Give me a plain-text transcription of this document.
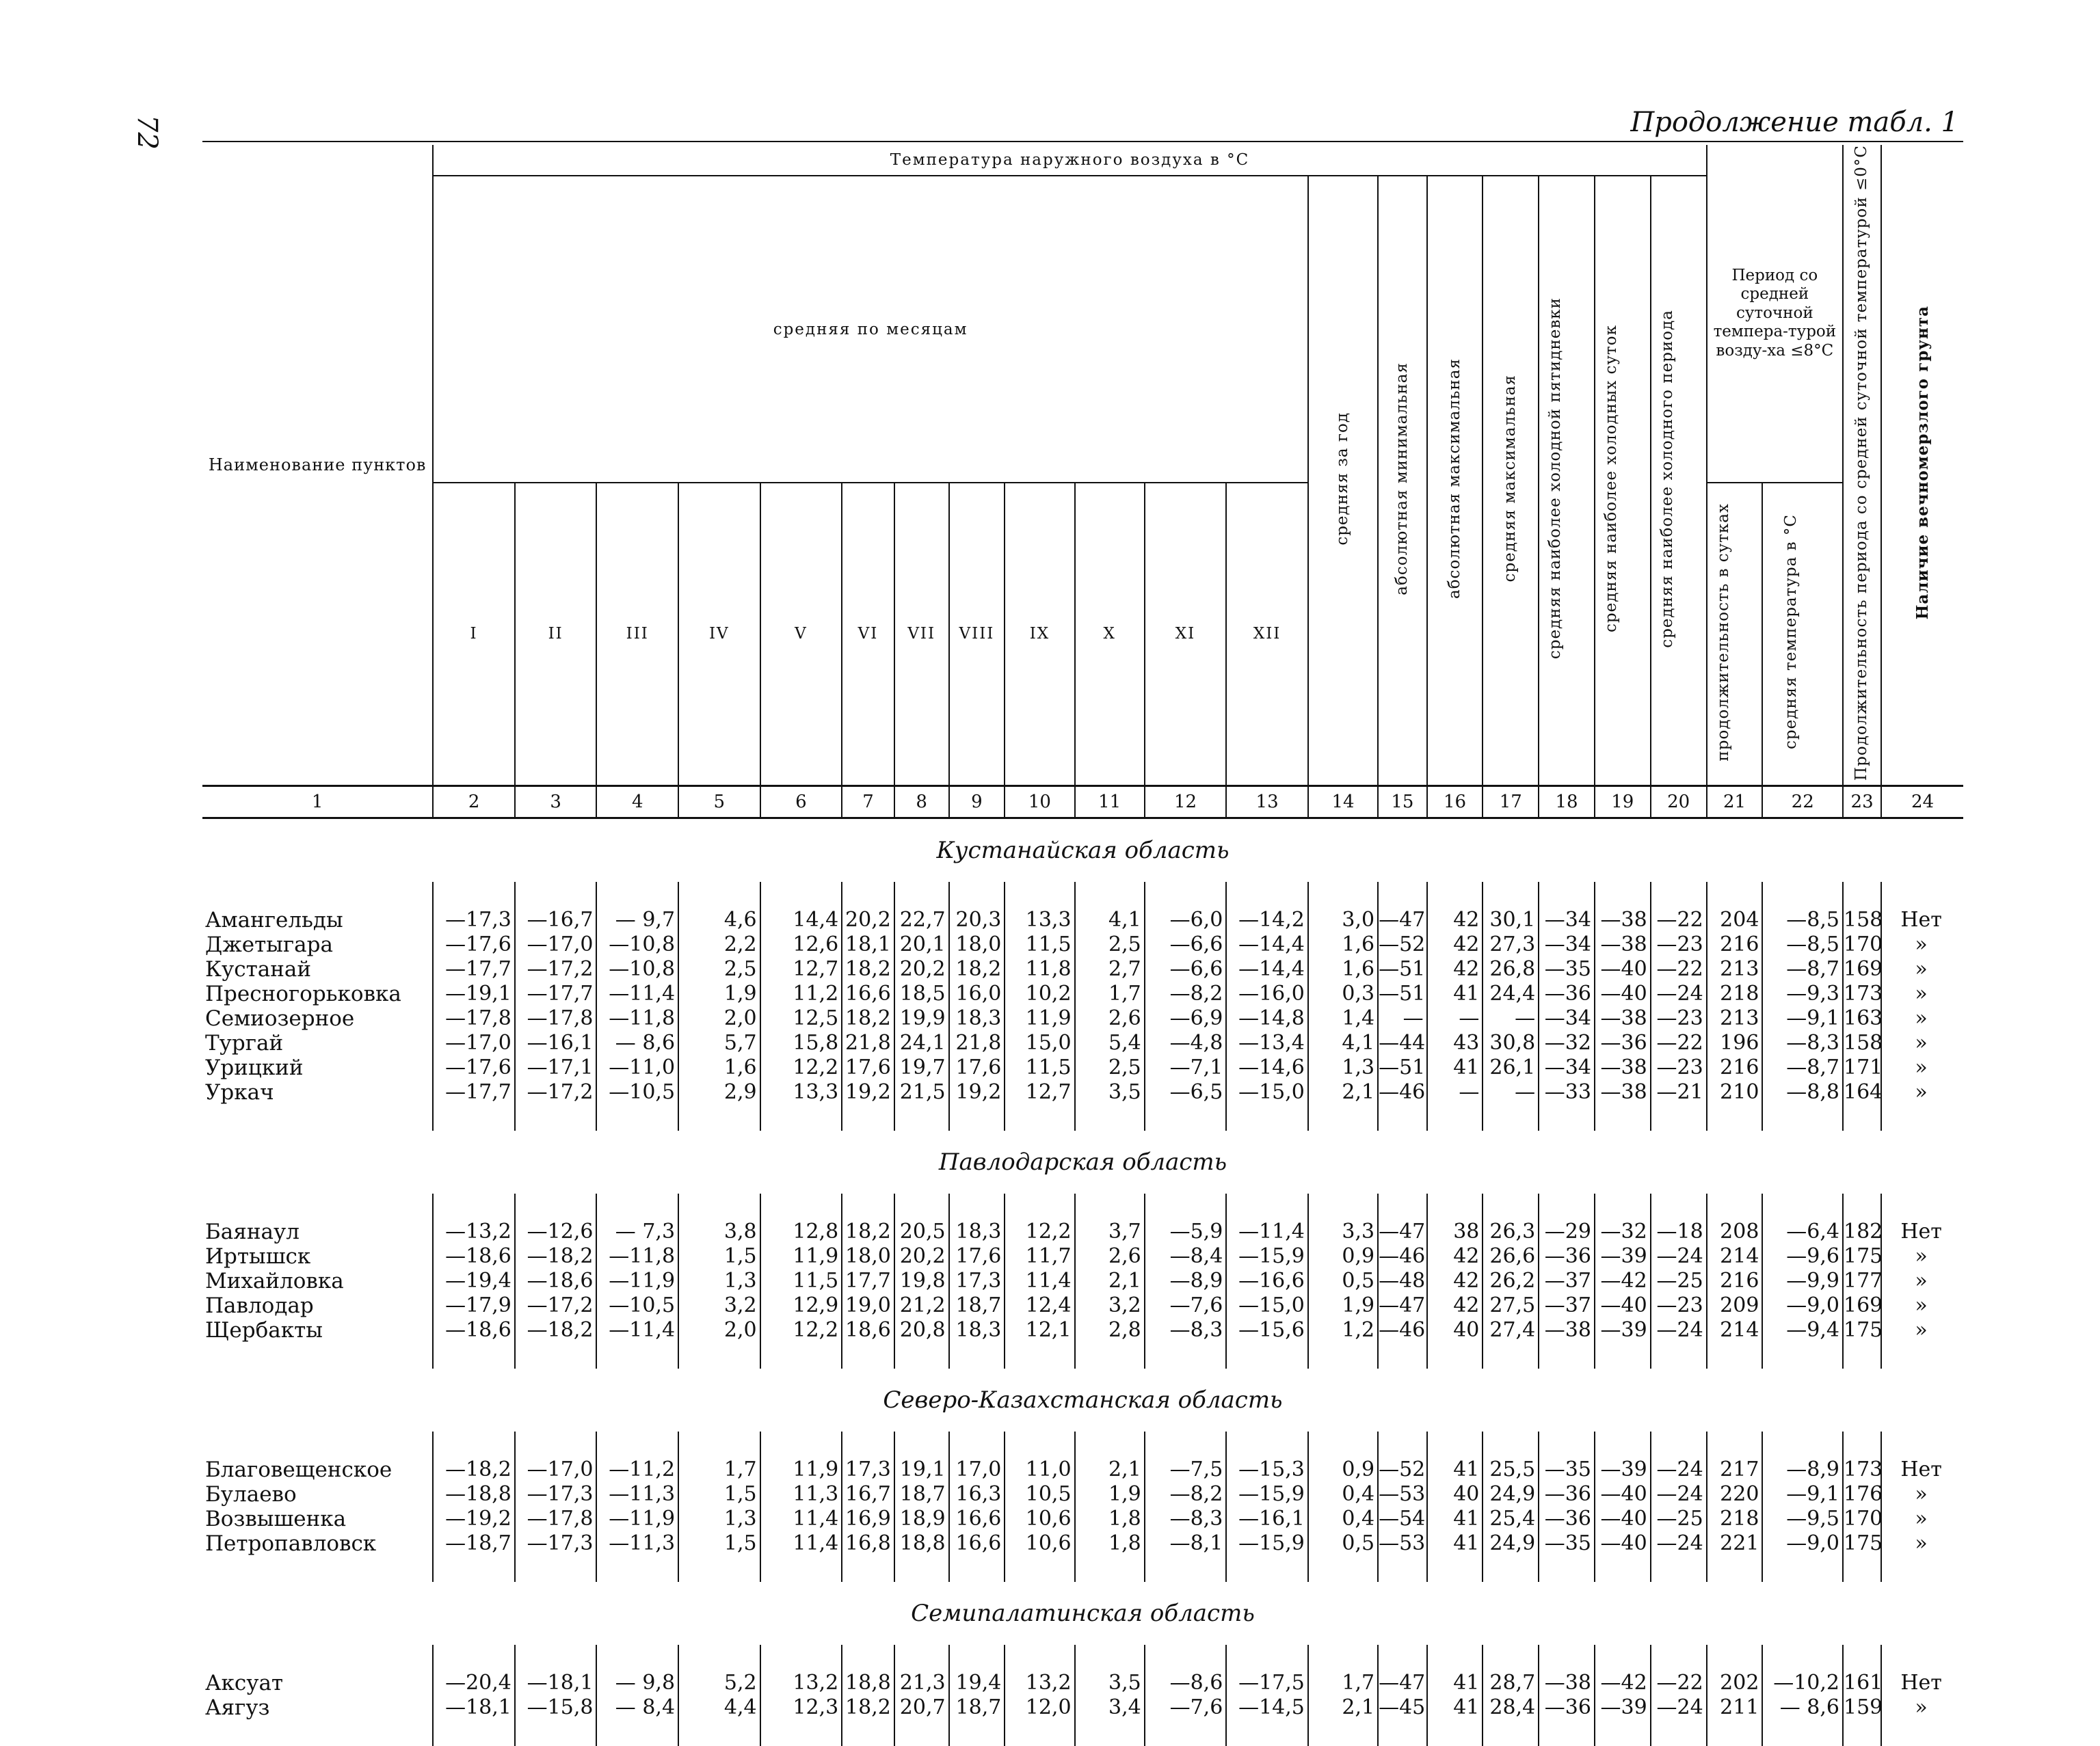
72	Продолжение табл. 1
Наименование пунктов	Температура наружного воздуха в °С																			Период со средней суточной темпера-турой возду-ха ≤8°С		Продолжительность периода со средней суточной температурой ≤0°С	Наличие вечномерзлого грунта
	средняя по месяцам												средняя за год	абсолютная минимальная	абсолютная максимальная	средняя максимальная	средняя наиболее холодной пятидневки	средняя наиболее холодных суток	средняя наиболее холодного периода				
	I	II	III	IV	V	VI	VII	VIII	IX	X	XI	XII								продолжительность в сутках	средняя температура в °С		
1	2	3	4	5	6	7	8	9	10	11	12	13	14	15	16	17	18	19	20	21	22	23	24
Кустанайская область																							

Амангельды	—17,3	—16,7	— 9,7	4,6	14,4	20,2	22,7	20,3	13,3	4,1	—6,0	—14,2	3,0	—47	42	30,1	—34	—38	—22	204	—8,5	158	Нет
Джетыгара	—17,6	—17,0	—10,8	2,2	12,6	18,1	20,1	18,0	11,5	2,5	—6,6	—14,4	1,6	—52	42	27,3	—34	—38	—23	216	—8,5	170	»
Кустанай	—17,7	—17,2	—10,8	2,5	12,7	18,2	20,2	18,2	11,8	2,7	—6,6	—14,4	1,6	—51	42	26,8	—35	—40	—22	213	—8,7	169	»
Пресногорьковка	—19,1	—17,7	—11,4	1,9	11,2	16,6	18,5	16,0	10,2	1,7	—8,2	—16,0	0,3	—51	41	24,4	—36	—40	—24	218	—9,3	173	»
Семиозерное	—17,8	—17,8	—11,8	2,0	12,5	18,2	19,9	18,3	11,9	2,6	—6,9	—14,8	1,4	—	—	—	—34	—38	—23	213	—9,1	163	»
Тургай	—17,0	—16,1	— 8,6	5,7	15,8	21,8	24,1	21,8	15,0	5,4	—4,8	—13,4	4,1	—44	43	30,8	—32	—36	—22	196	—8,3	158	»
Урицкий	—17,6	—17,1	—11,0	1,6	12,2	17,6	19,7	17,6	11,5	2,5	—7,1	—14,6	1,3	—51	41	26,1	—34	—38	—23	216	—8,7	171	»
Уркач	—17,7	—17,2	—10,5	2,9	13,3	19,2	21,5	19,2	12,7	3,5	—6,5	—15,0	2,1	—46	—	—	—33	—38	—21	210	—8,8	164	»

Павлодарская область																							

Баянаул	—13,2	—12,6	— 7,3	3,8	12,8	18,2	20,5	18,3	12,2	3,7	—5,9	—11,4	3,3	—47	38	26,3	—29	—32	—18	208	—6,4	182	Нет
Иртышск	—18,6	—18,2	—11,8	1,5	11,9	18,0	20,2	17,6	11,7	2,6	—8,4	—15,9	0,9	—46	42	26,6	—36	—39	—24	214	—9,6	175	»
Михайловка	—19,4	—18,6	—11,9	1,3	11,5	17,7	19,8	17,3	11,4	2,1	—8,9	—16,6	0,5	—48	42	26,2	—37	—42	—25	216	—9,9	177	»
Павлодар	—17,9	—17,2	—10,5	3,2	12,9	19,0	21,2	18,7	12,4	3,2	—7,6	—15,0	1,9	—47	42	27,5	—37	—40	—23	209	—9,0	169	»
Щербакты	—18,6	—18,2	—11,4	2,0	12,2	18,6	20,8	18,3	12,1	2,8	—8,3	—15,6	1,2	—46	40	27,4	—38	—39	—24	214	—9,4	175	»

Северо-Казахстанская область																							

Благовещенское	—18,2	—17,0	—11,2	1,7	11,9	17,3	19,1	17,0	11,0	2,1	—7,5	—15,3	0,9	—52	41	25,5	—35	—39	—24	217	—8,9	173	Нет
Булаево	—18,8	—17,3	—11,3	1,5	11,3	16,7	18,7	16,3	10,5	1,9	—8,2	—15,9	0,4	—53	40	24,9	—36	—40	—24	220	—9,1	176	»
Возвышенка	—19,2	—17,8	—11,9	1,3	11,4	16,9	18,9	16,6	10,6	1,8	—8,3	—16,1	0,4	—54	41	25,4	—36	—40	—25	218	—9,5	170	»
Петропавловск	—18,7	—17,3	—11,3	1,5	11,4	16,8	18,8	16,6	10,6	1,8	—8,1	—15,9	0,5	—53	41	24,9	—35	—40	—24	221	—9,0	175	»

Семипалатинская область																							

Аксуат	—20,4	—18,1	— 9,8	5,2	13,2	18,8	21,3	19,4	13,2	3,5	—8,6	—17,5	1,7	—47	41	28,7	—38	—42	—22	202	—10,2	161	Нет
Аягуз	—18,1	—15,8	— 8,4	4,4	12,3	18,2	20,7	18,7	12,0	3,4	—7,6	—14,5	2,1	—45	41	28,4	—36	—39	—24	211	— 8,6	159	»
